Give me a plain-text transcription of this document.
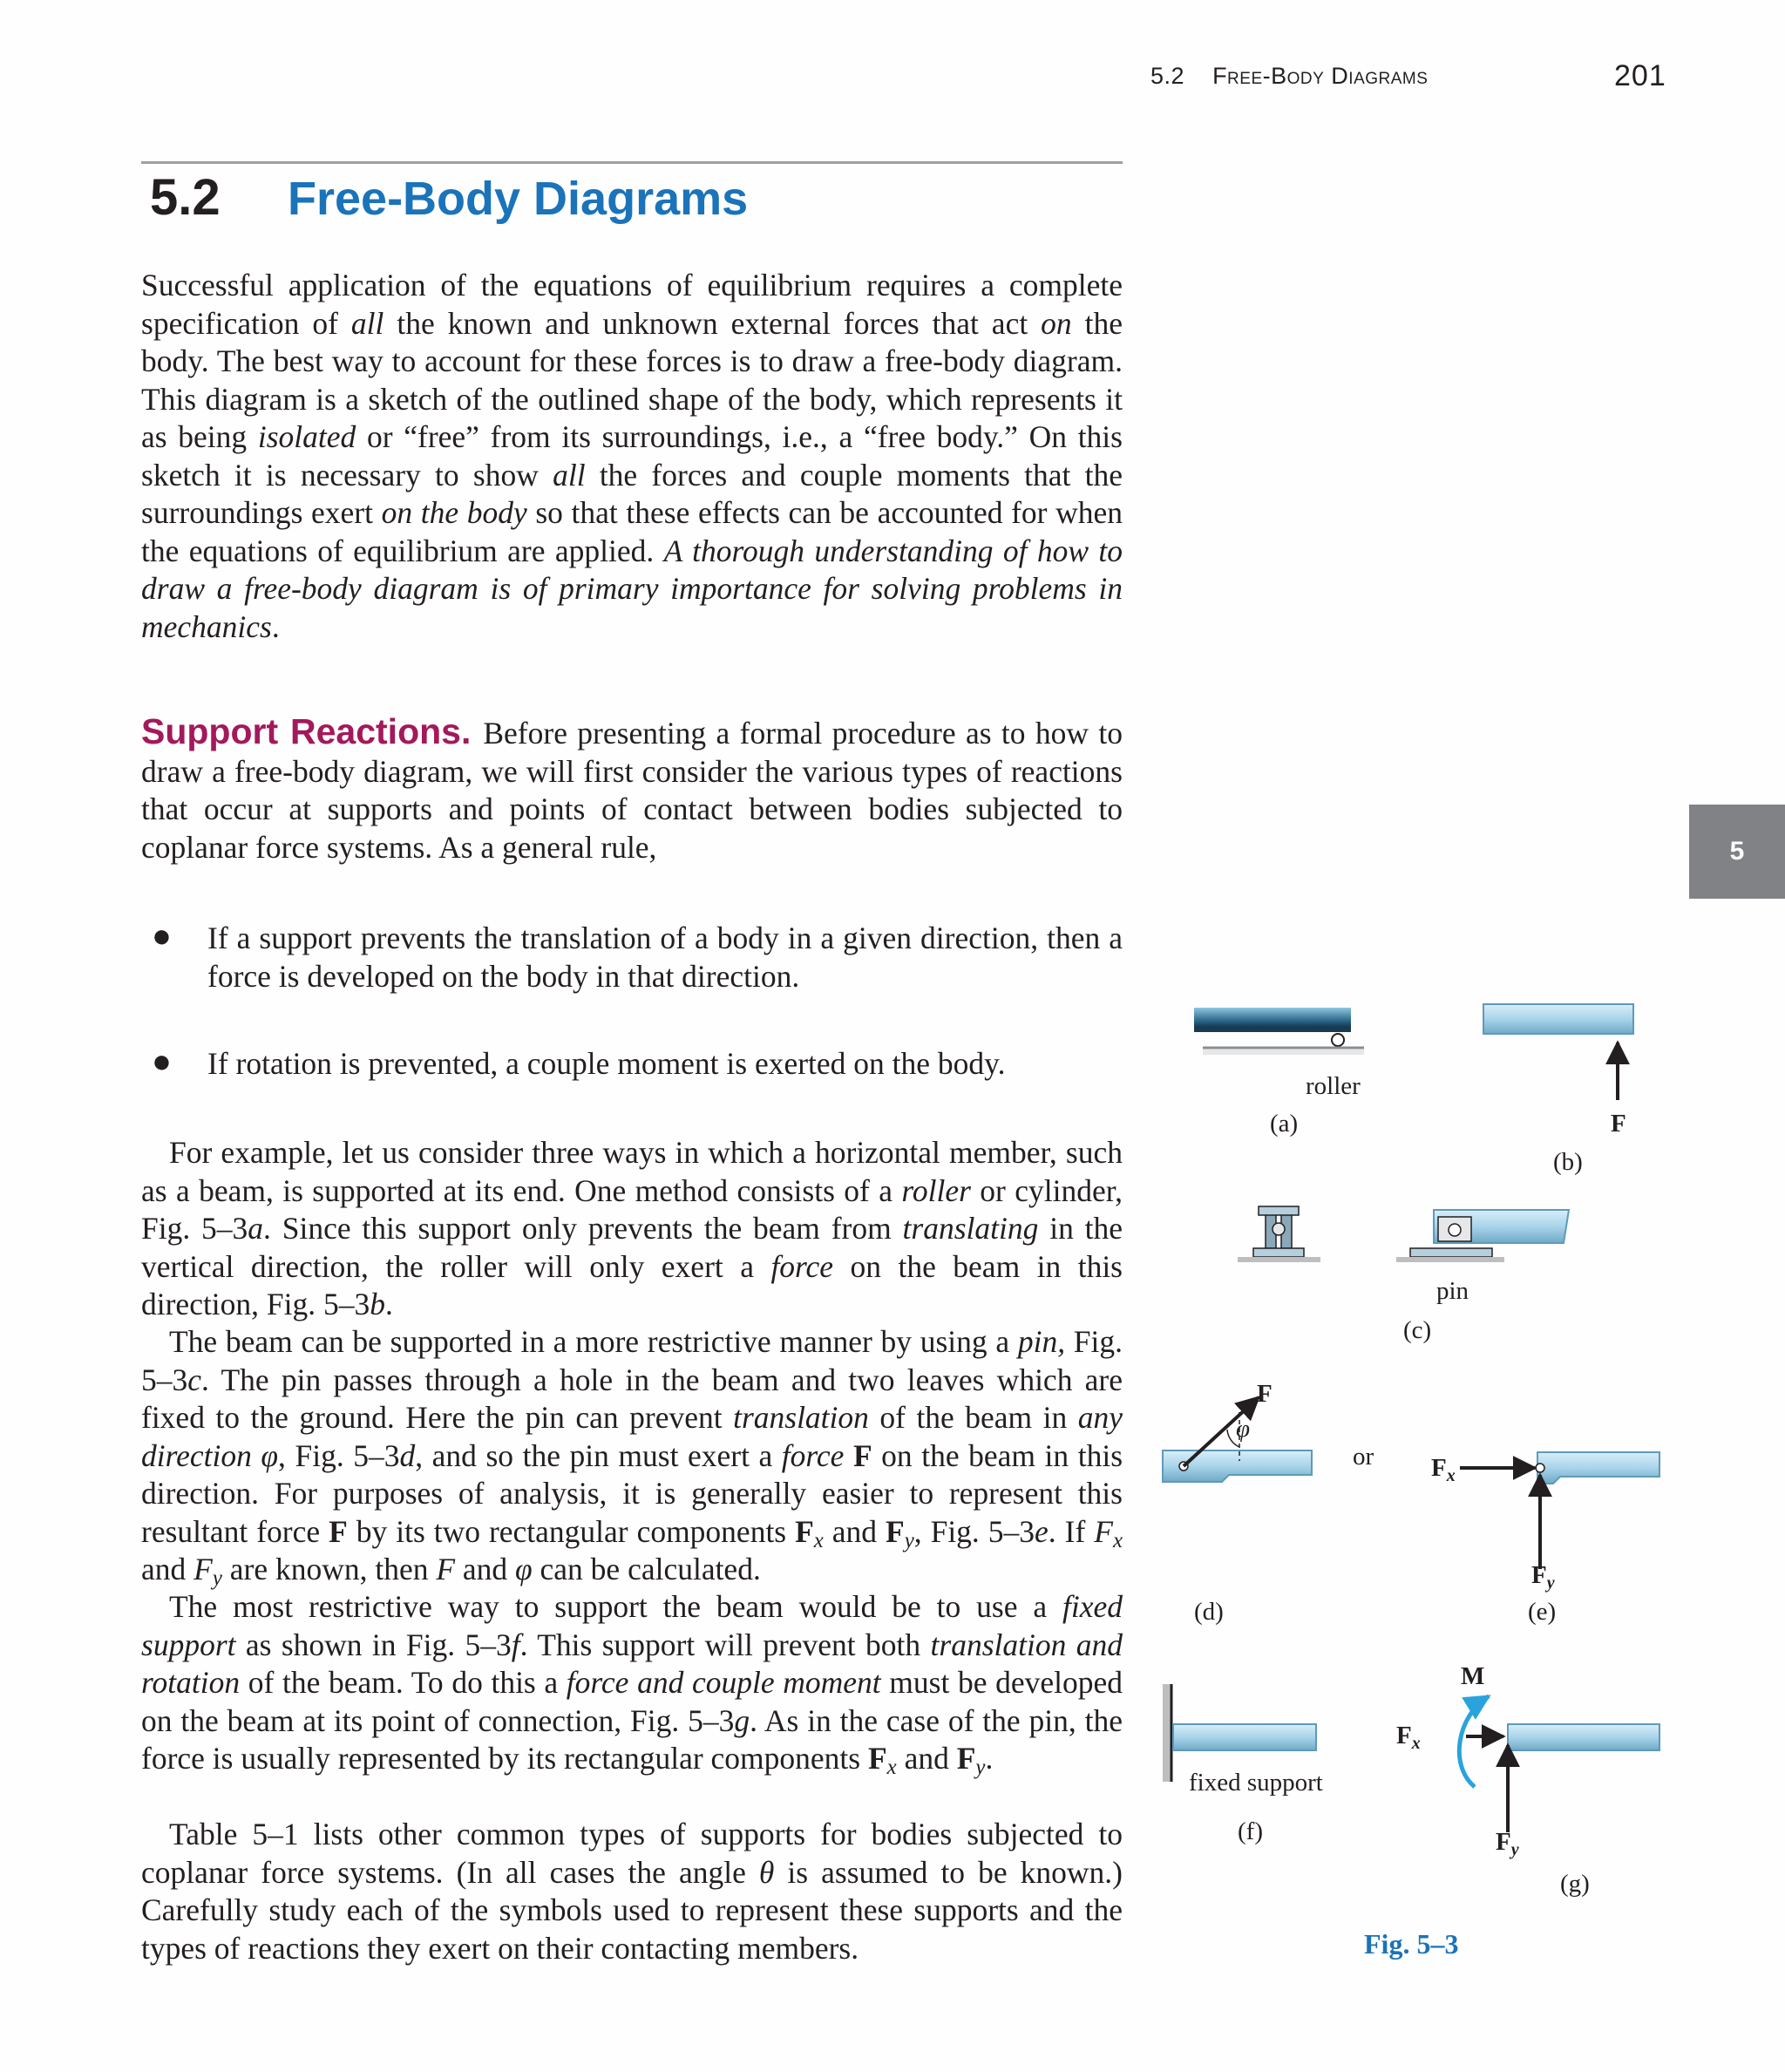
5.2 Free-Body Diagrams	201
5.2 Free-Body Diagrams
Successful application of the equations of equilibrium requires a complete specification of all the known and unknown external forces that act on the body. The best way to account for these forces is to draw a free-body diagram. This diagram is a sketch of the outlined shape of the body, which represents it as being isolated or “free” from its surroundings, i.e., a “free body.” On this sketch it is necessary to show all the forces and couple moments that the surroundings exert on the body so that these effects can be accounted for when the equations of equilibrium are applied. A thorough understanding of how to draw a free-body diagram is of primary importance for solving problems in mechanics.
Support Reactions. Before presenting a formal procedure as to how to draw a free-body diagram, we will first consider the various types of reactions that occur at supports and points of contact between bodies subjected to coplanar force systems. As a general rule,
● If a support prevents the translation of a body in a given direction, then a force is developed on the body in that direction.
● If rotation is prevented, a couple moment is exerted on the body.
For example, let us consider three ways in which a horizontal member, such as a beam, is supported at its end. One method consists of a roller or cylinder, Fig. 5–3a. Since this support only prevents the beam from translating in the vertical direction, the roller will only exert a force on the beam in this direction, Fig. 5–3b.
The beam can be supported in a more restrictive manner by using a pin, Fig. 5–3c. The pin passes through a hole in the beam and two leaves which are fixed to the ground. Here the pin can prevent translation of the beam in any direction φ, Fig. 5–3d, and so the pin must exert a force F on the beam in this direction. For purposes of analysis, it is generally easier to represent this resultant force F by its two rectangular components $F_x$ and $F_y$, Fig. 5–3e. If $F_x$ and $F_y$ are known, then F and φ can be calculated.
The most restrictive way to support the beam would be to use a fixed support as shown in Fig. 5–3f. This support will prevent both translation and rotation of the beam. To do this a force and couple moment must be developed on the beam at its point of connection, Fig. 5–3g. As in the case of the pin, the force is usually represented by its rectangular components $F_x$ and $F_y$.
Table 5–1 lists other common types of supports for bodies subjected to coplanar force systems. (In all cases the angle θ is assumed to be known.) Carefully study each of the symbols used to represent these supports and the types of reactions they exert on their contacting members.
5
roller
(a)	F
(b)
pin
(c)
F
φ
or
(d)
$F_x$
$F_y$
(e)
fixed support
(f)
M
$F_x$
$F_y$
(g)
Fig. 5–3
